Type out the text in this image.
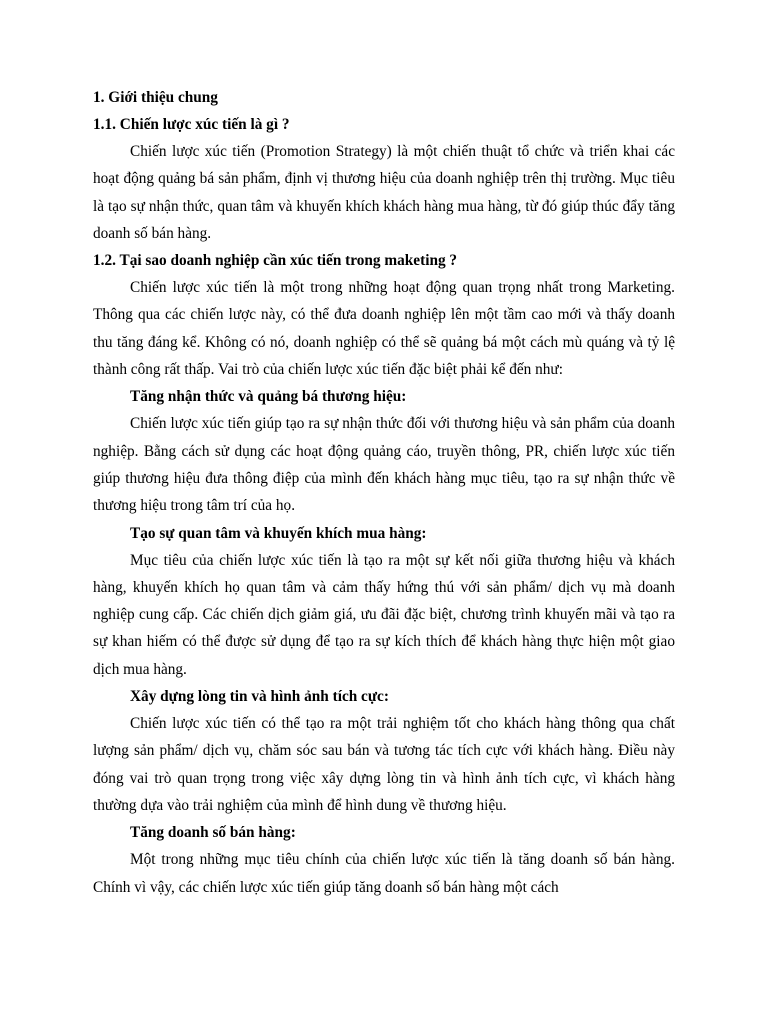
1. Giới thiệu chung

1.1. Chiến lược xúc tiến là gì ?

Chiến lược xúc tiến (Promotion Strategy) là một chiến thuật tổ chức và triển khai các hoạt động quảng bá sản phẩm, định vị thương hiệu của doanh nghiệp trên thị trường. Mục tiêu là tạo sự nhận thức, quan tâm và khuyến khích khách hàng mua hàng, từ đó giúp thúc đẩy tăng doanh số bán hàng.

1.2. Tại sao doanh nghiệp cần xúc tiến trong maketing ?

Chiến lược xúc tiến là một trong những hoạt động quan trọng nhất trong Marketing. Thông qua các chiến lược này, có thể đưa doanh nghiệp lên một tầm cao mới và thấy doanh thu tăng đáng kể. Không có nó, doanh nghiệp có thể sẽ quảng bá một cách mù quáng và tỷ lệ thành công rất thấp. Vai trò của chiến lược xúc tiến đặc biệt phải kể đến như:

Tăng nhận thức và quảng bá thương hiệu:

Chiến lược xúc tiến giúp tạo ra sự nhận thức đối với thương hiệu và sản phẩm của doanh nghiệp. Bằng cách sử dụng các hoạt động quảng cáo, truyền thông, PR, chiến lược xúc tiến giúp thương hiệu đưa thông điệp của mình đến khách hàng mục tiêu, tạo ra sự nhận thức về thương hiệu trong tâm trí của họ.

Tạo sự quan tâm và khuyến khích mua hàng:

Mục tiêu của chiến lược xúc tiến là tạo ra một sự kết nối giữa thương hiệu và khách hàng, khuyến khích họ quan tâm và cảm thấy hứng thú với sản phẩm/ dịch vụ mà doanh nghiệp cung cấp. Các chiến dịch giảm giá, ưu đãi đặc biệt, chương trình khuyến mãi và tạo ra sự khan hiếm có thể được sử dụng để tạo ra sự kích thích để khách hàng thực hiện một giao dịch mua hàng.

Xây dựng lòng tin và hình ảnh tích cực:

Chiến lược xúc tiến có thể tạo ra một trải nghiệm tốt cho khách hàng thông qua chất lượng sản phẩm/ dịch vụ, chăm sóc sau bán và tương tác tích cực với khách hàng. Điều này đóng vai trò quan trọng trong việc xây dựng lòng tin và hình ảnh tích cực, vì khách hàng thường dựa vào trải nghiệm của mình để hình dung về thương hiệu.

Tăng doanh số bán hàng:

Một trong những mục tiêu chính của chiến lược xúc tiến là tăng doanh số bán hàng. Chính vì vậy, các chiến lược xúc tiến giúp tăng doanh số bán hàng một cách
